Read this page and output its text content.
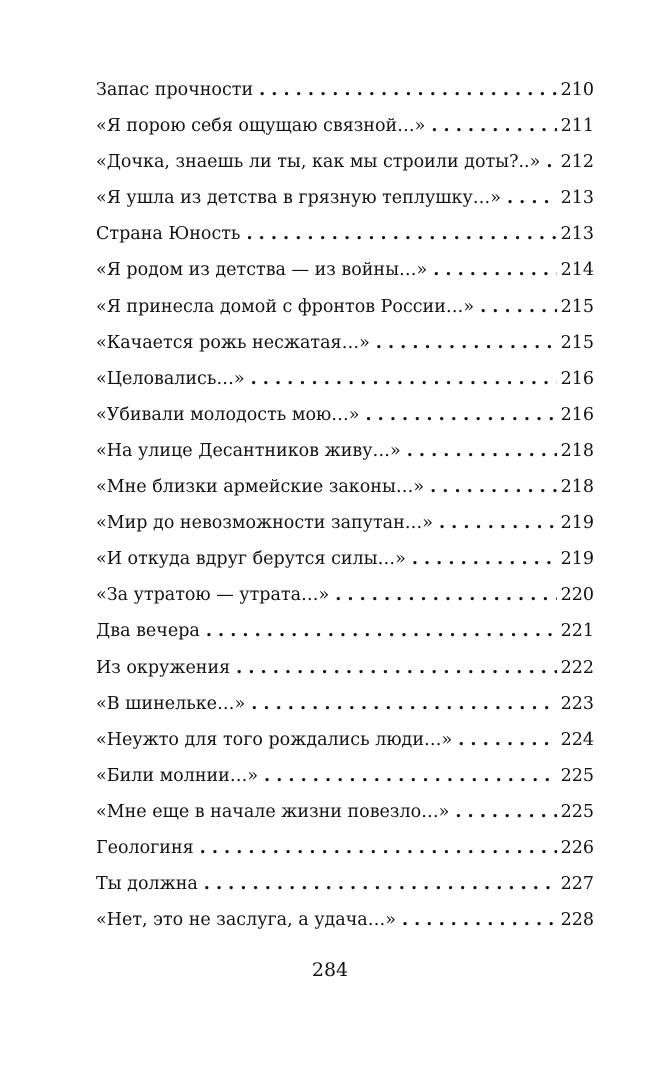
Запас прочности . . .	210
«Я порою себя ощущаю связной…» . . .	211
«Дочка, знаешь ли ты, как мы строили доты?..» . . .	212
«Я ушла из детства в грязную теплушку…» . . .	213
Страна Юность . . .	213
«Я родом из детства — из войны…» . . .	214
«Я принесла домой с фронтов России…» . . .	215
«Качается рожь несжатая…» . . .	215
«Целовались…» . . .	216
«Убивали молодость мою…» . . .	216
«На улице Десантников живу…» . . .	218
«Мне близки армейские законы…» . . .	218
«Мир до невозможности запутан…» . . .	219
«И откуда вдруг берутся силы…» . . .	219
«За утратою — утрата…» . . .	220
Два вечера . . .	221
Из окружения . . .	222
«В шинельке…» . . .	223
«Неужто для того рождались люди…» . . .	224
«Били молнии…» . . .	225
«Мне еще в начале жизни повезло…» . . .	225
Геологиня . . .	226
Ты должна . . .	227
«Нет, это не заслуга, а удача…» . . .	228
284
